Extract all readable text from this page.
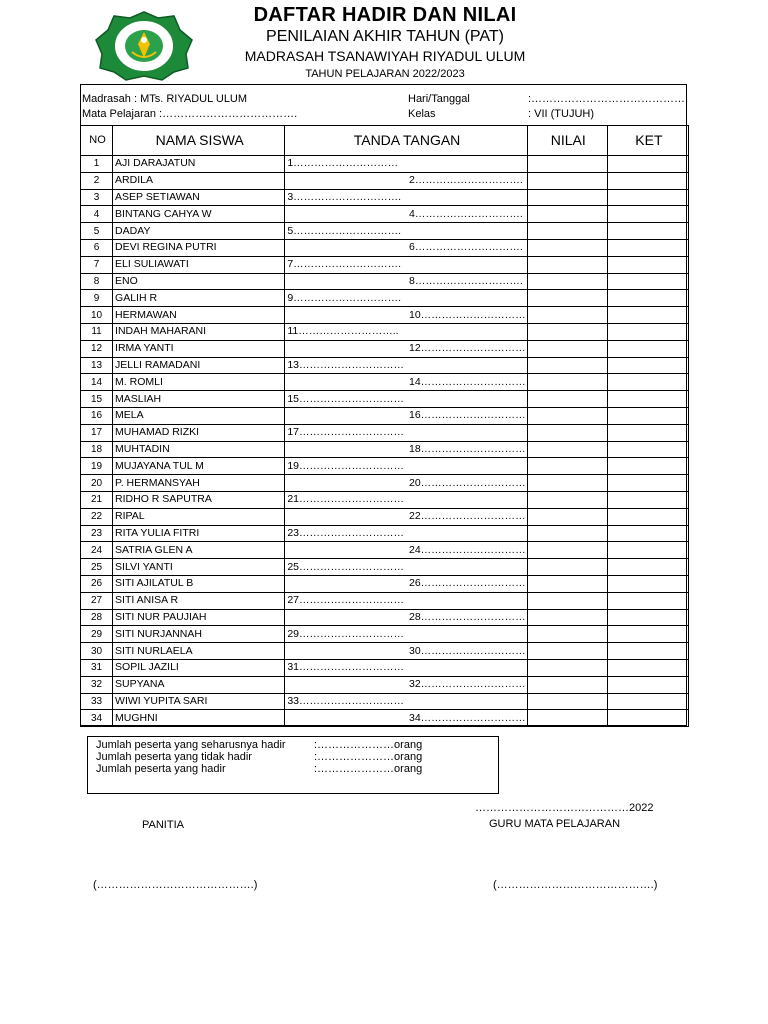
DAFTAR HADIR DAN NILAI
PENILAIAN AKHIR TAHUN (PAT)
MADRASAH TSANAWIYAH RIYADUL ULUM
TAHUN PELAJARAN 2022/2023
Madrasah : MTs. RIYADUL ULUM
Mata Pelajaran :……………………………….
Hari/Tanggal	:…………………………………….
Kelas	: VII (TUJUH)
NO	NAMA SISWA	TANDA TANGAN		NILAI	KET
1	AJI DARAJATUN	1…………………………			
2	ARDILA		2………………………….		
3	ASEP SETIAWAN	3………………………….			
4	BINTANG CAHYA W		4………………………….		
5	DADAY	5………………………….			
6	DEVI REGINA PUTRI		6………………………….		
7	ELI SULIAWATI	7………………………….			
8	ENO		8………………………….		
9	GALIH R	9………………………….			
10	HERMAWAN		10…………………………		
11	INDAH MAHARANI	11………………………..			
12	IRMA YANTI		12…………………………		
13	JELLI RAMADANI	13…………………………			
14	M. ROMLI		14…………………………		
15	MASLIAH	15…………………………			
16	MELA		16…………………………		
17	MUHAMAD RIZKI	17…………………………			
18	MUHTADIN		18…………………………		
19	MUJAYANA TUL M	19…………………………			
20	P. HERMANSYAH		20…………………………		
21	RIDHO R SAPUTRA	21…………………………			
22	RIPAL		22…………………………		
23	RITA YULIA FITRI	23…………………………			
24	SATRIA GLEN A		24…………………………		
25	SILVI YANTI	25…………………………			
26	SITI AJILATUL B		26…………………………		
27	SITI ANISA R	27…………………………			
28	SITI NUR PAUJIAH		28…………………………		
29	SITI NURJANNAH	29…………………………			
30	SITI NURLAELA		30…………………………		
31	SOPIL JAZILI	31…………………………			
32	SUPYANA		32…………………………		
33	WIWI YUPITA SARI	33…………………………			
34	MUGHNI		34…………………………		
Jumlah peserta yang seharusnya hadir	:…………………orang
Jumlah peserta yang tidak hadir	:…………………orang
Jumlah peserta yang hadir	:…………………orang
……………………………………2022
PANITIA	GURU MATA PELAJARAN
(…………………………………….)	(…………………………………….)
